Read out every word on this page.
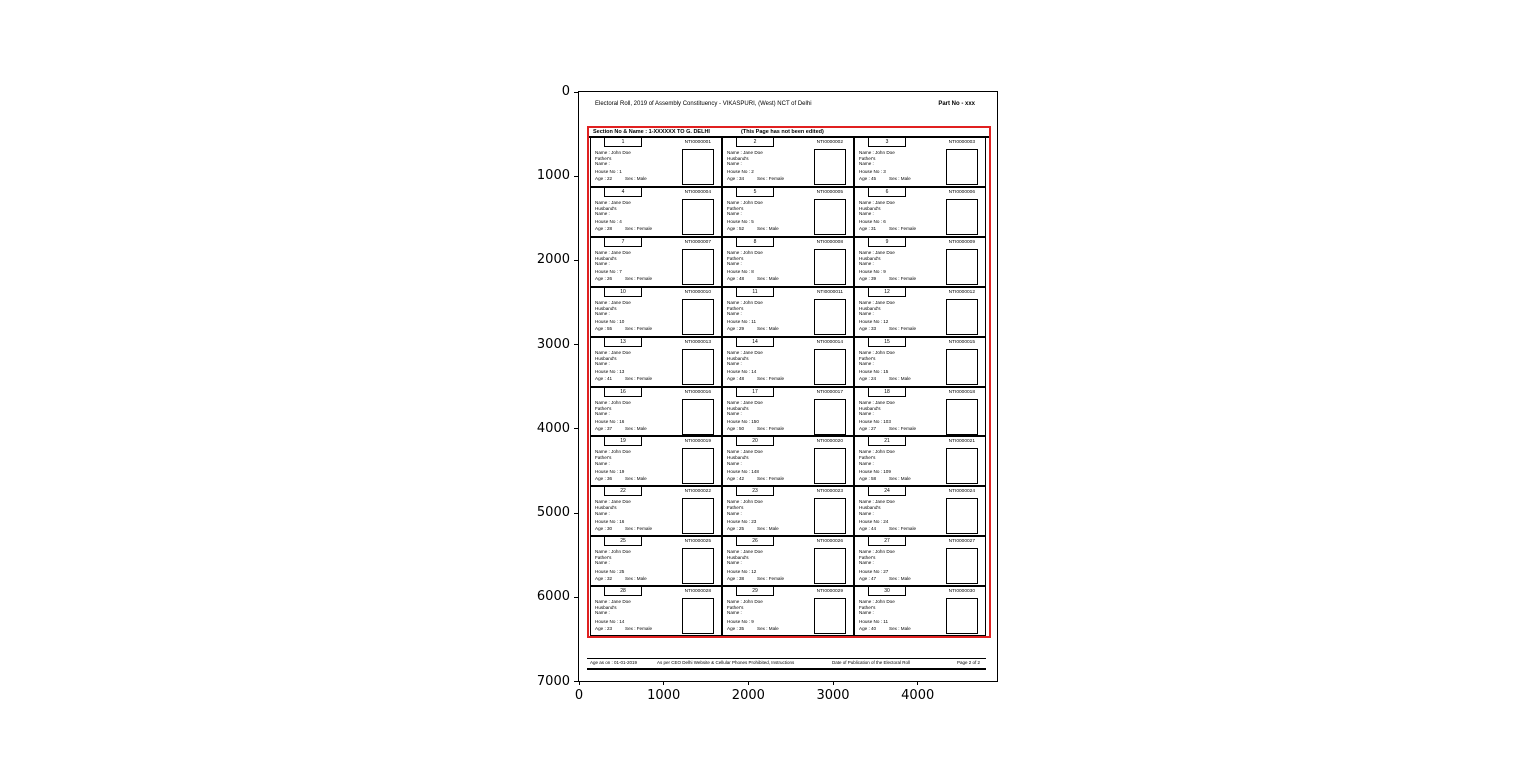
0
1000
2000
3000
4000
5000
6000
7000
0	1000	2000	3000	4000
Electoral Roll, 2019 of Assembly Constituency - VIKASPURI, (West) NCT of Delhi	Part No - xxx
Section No & Name : 1-XXXXXX TO G. DELHI	(This Page has not been edited)
1	NTI0000001
Name : John Doe
Father's
Name :
House No : 1
Age : 22	Sex : Male
2	NTI0000002
Name : Jane Doe
Husband's
Name :
House No : 2
Age : 34	Sex : Female
3	NTI0000003
Name : John Doe
Father's
Name :
House No : 3
Age : 45	Sex : Male
4	NTI0000004
Name : Jane Doe
Husband's
Name :
House No : 4
Age : 28	Sex : Female
5	NTI0000005
Name : John Doe
Father's
Name :
House No : 5
Age : 52	Sex : Male
6	NTI0000006
Name : Jane Doe
Husband's
Name :
House No : 6
Age : 31	Sex : Female
7	NTI0000007
Name : Jane Doe
Husband's
Name :
House No : 7
Age : 26	Sex : Female
8	NTI0000008
Name : John Doe
Father's
Name :
House No : 8
Age : 48	Sex : Male
9	NTI0000009
Name : Jane Doe
Husband's
Name :
House No : 9
Age : 39	Sex : Female
10	NTI0000010
Name : Jane Doe
Husband's
Name :
House No : 10
Age : 55	Sex : Female
11	NTI0000011
Name : John Doe
Father's
Name :
House No : 11
Age : 29	Sex : Male
12	NTI0000012
Name : Jane Doe
Husband's
Name :
House No : 12
Age : 33	Sex : Female
13	NTI0000013
Name : Jane Doe
Husband's
Name :
House No : 13
Age : 41	Sex : Female
14	NTI0000014
Name : Jane Doe
Husband's
Name :
House No : 14
Age : 48	Sex : Female
15	NTI0000015
Name : John Doe
Father's
Name :
House No : 15
Age : 24	Sex : Male
16	NTI0000016
Name : John Doe
Father's
Name :
House No : 16
Age : 37	Sex : Male
17	NTI0000017
Name : Jane Doe
Husband's
Name :
House No : 150
Age : 50	Sex : Female
18	NTI0000018
Name : Jane Doe
Husband's
Name :
House No : 103
Age : 27	Sex : Female
19	NTI0000019
Name : John Doe
Father's
Name :
House No : 19
Age : 36	Sex : Male
20	NTI0000020
Name : Jane Doe
Husband's
Name :
House No : 148
Age : 42	Sex : Female
21	NTI0000021
Name : John Doe
Father's
Name :
House No : 109
Age : 58	Sex : Male
22	NTI0000022
Name : Jane Doe
Husband's
Name :
House No : 16
Age : 30	Sex : Female
23	NTI0000023
Name : John Doe
Father's
Name :
House No : 23
Age : 25	Sex : Male
24	NTI0000024
Name : Jane Doe
Husband's
Name :
House No : 24
Age : 44	Sex : Female
25	NTI0000025
Name : John Doe
Father's
Name :
House No : 25
Age : 32	Sex : Male
26	NTI0000026
Name : Jane Doe
Husband's
Name :
House No : 12
Age : 38	Sex : Female
27	NTI0000027
Name : John Doe
Father's
Name :
House No : 27
Age : 47	Sex : Male
28	NTI0000028
Name : Jane Doe
Husband's
Name :
House No : 14
Age : 23	Sex : Female
29	NTI0000029
Name : John Doe
Father's
Name :
House No : 9
Age : 35	Sex : Male
30	NTI0000030
Name : John Doe
Father's
Name :
House No : 11
Age : 40	Sex : Male
Age as on : 01-01-2019	As per CEO Delhi Website & Cellular Phones Prohibited, Instructions	Date of Publication of the Electoral Roll	Page 2 of 2
